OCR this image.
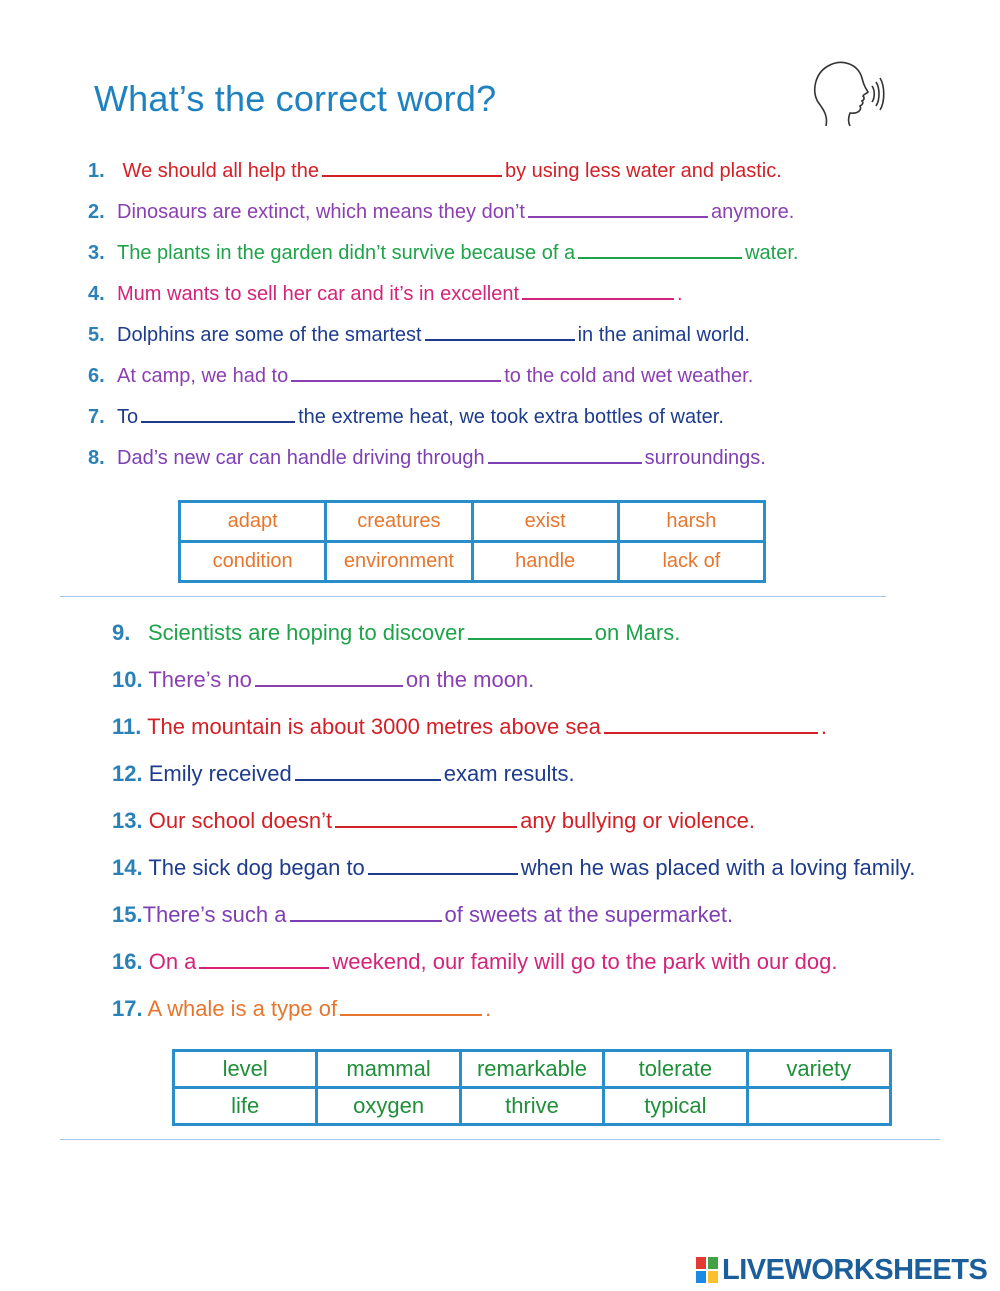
What’s the correct word?
1. We should all help the	by using less water and plastic.
2. Dinosaurs are extinct, which means they don’t	anymore.
3. The plants in the garden didn’t survive because of a	water.
4. Mum wants to sell her car and it’s in excellent	.
5. Dolphins are some of the smartest	in the animal world.
6. At camp, we had to	to the cold and wet weather.
7. To	the extreme heat, we took extra bottles of water.
8. Dad’s new car can handle driving through	surroundings.
adapt	creatures	exist	harsh
condition	environment	handle	lack of
9. Scientists are hoping to discover	on Mars.
10. There’s no	on the moon.
11. The mountain is about 3000 metres above sea	.
12. Emily received	exam results.
13. Our school doesn’t	any bullying or violence.
14. The sick dog began to	when he was placed with a loving family.
15.There’s such a	of sweets at the supermarket.
16. On a	weekend, our family will go to the park with our dog.
17. A whale is a type of	.
level	mammal	remarkable	tolerate	variety
life	oxygen	thrive	typical	
LIVEWORKSHEETS
